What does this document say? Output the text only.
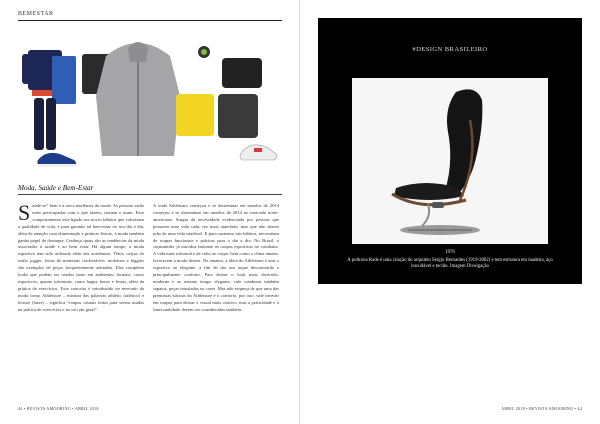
BEMESTAR
Moda, Saúde e Bem-Estar
Saúde-se” bem é a nova tendência da moda. As pessoas estão mais preocupadas com o que fazem, comem e usam. Esse comportamento está ligado aos novos hábitos que valorizam a qualidade de vida, e para garantir tal bem-estar no seu dia a dia, além da atenção com alimentação e práticas físicas, a moda também ganha papel de destaque. Conheça quais são as tendências da moda associadas à saúde e ao bem estar. Há algum tempo, a moda esportiva tem sido utilizada além das academias. Tênis, calças do estilo jogger, feitas de materiais confortáveis, moletons e leggins são exemplos de peças frequentemente adotadas. Elas compõem looks que podem ser usados tanto em ambientes formais, como esportivos, quanto informais, como happy hours e festas, além da prática de exercícios. Esse conceito é introduzido no mercado da moda como Athleisure – mistura das palavras athletic (atlético) e leisure (lazer) – significa “roupas casuais feitas para serem usadas na prática de exercícios e no uso em geral”.
A onda Athleisure começou e se disseminar em meados de 2014 começou a se disseminar em meados de 2014 no mercado norte-americano. Surgiu da necessidade evidenciada por pessoas que possuem uma vida cada vez mais atarefada, mas que não abrem mão de uma vida saudável. E para sustentar tais hábitos, necessitam de roupas funcionais e práticas para o dia a dia. No Brasil, o consumidor já introduz bastante as roupas esportivas no cotidiano. A vida mais informal e de culto ao corpo, bem como o clima ameno, favorecem a moda fitness. No entanto, a ideia do Athleisure é unir o esportivo ao elegante, a fim de dar um toque descontraído e principalmente conforto. Para deixar o look mais divertido, moderno e ao mesmo tempo elegante, vale combinar também sapatos, peças inusitadas ou cores. Mas não esqueça de que uma das premissas básicas do Athleisure é o conforto, por isso, vale investir em roupas para deixar o visual mais criativo, mas a praticidade e a funcionalidade devem ser consideradas também.
44 • REVISTA AMOORINO • ABRIL 2018
#DESIGN BRASILEIRO
1976
A poltrona Rade é uma criação do arquiteto Sergio Bernardes (1919-2002) e tem estrutura em madeira, aço inoxidável e tecido. Imagem Divulgação
ABRIL 2018 • REVISTA AMOORINO • 44
